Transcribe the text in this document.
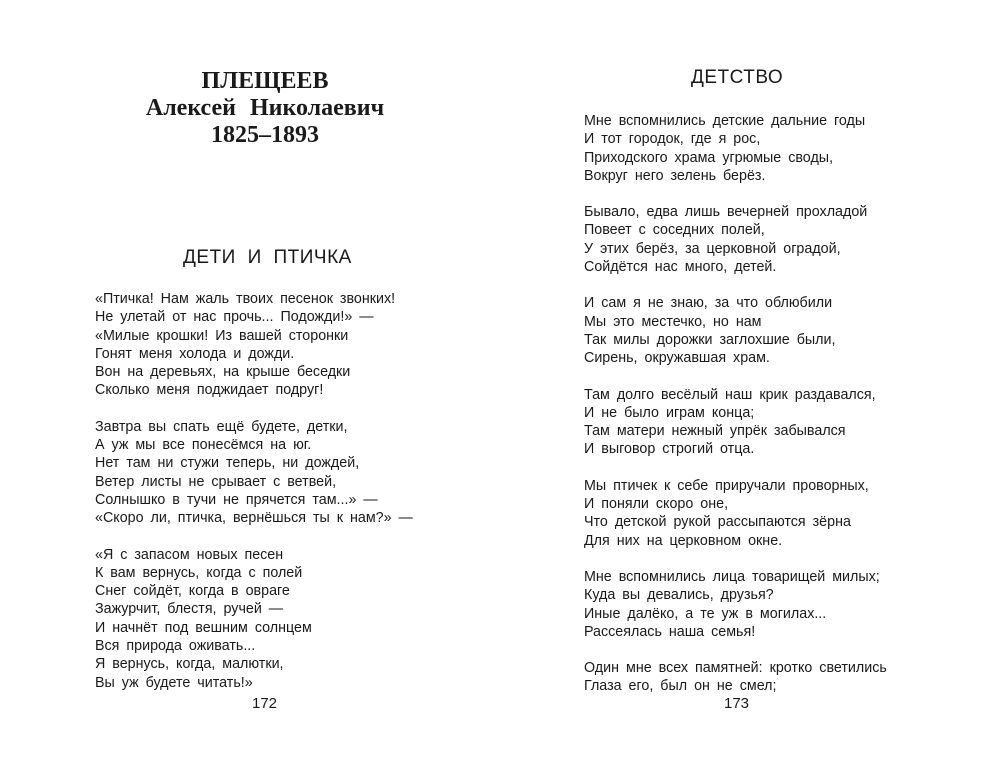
ПЛЕЩЕЕВ
Алексей Николаевич
1825–1893
ДЕТИ И ПТИЧКА
«Птичка! Нам жаль твоих песенок звонких!
Не улетай от нас прочь... Подожди!» —
«Милые крошки! Из вашей сторонки
Гонят меня холода и дожди.
Вон на деревьях, на крыше беседки
Сколько меня поджидает подруг!
Завтра вы спать ещё будете, детки,
А уж мы все понесёмся на юг.
Нет там ни стужи теперь, ни дождей,
Ветер листы не срывает с ветвей,
Солнышко в тучи не прячется там...» —
«Скоро ли, птичка, вернёшься ты к нам?» —
«Я с запасом новых песен
К вам вернусь, когда с полей
Снег сойдёт, когда в овраге
Зажурчит, блестя, ручей —
И начнёт под вешним солнцем
Вся природа оживать...
Я вернусь, когда, малютки,
Вы уж будете читать!»
172
ДЕТСТВО
Мне вспомнились детские дальние годы
И тот городок, где я рос,
Приходского храма угрюмые своды,
Вокруг него зелень берёз.
Бывало, едва лишь вечерней прохладой
Повеет с соседних полей,
У этих берёз, за церковной оградой,
Сойдётся нас много, детей.
И сам я не знаю, за что облюбили
Мы это местечко, но нам
Так милы дорожки заглохшие были,
Сирень, окружавшая храм.
Там долго весёлый наш крик раздавался,
И не было играм конца;
Там матери нежный упрёк забывался
И выговор строгий отца.
Мы птичек к себе приручали проворных,
И поняли скоро оне,
Что детской рукой рассыпаются зёрна
Для них на церковном окне.
Мне вспомнились лица товарищей милых;
Куда вы девались, друзья?
Иные далёко, а те уж в могилах...
Рассеялась наша семья!
Один мне всех памятней: кротко светились
Глаза его, был он не смел;
173
